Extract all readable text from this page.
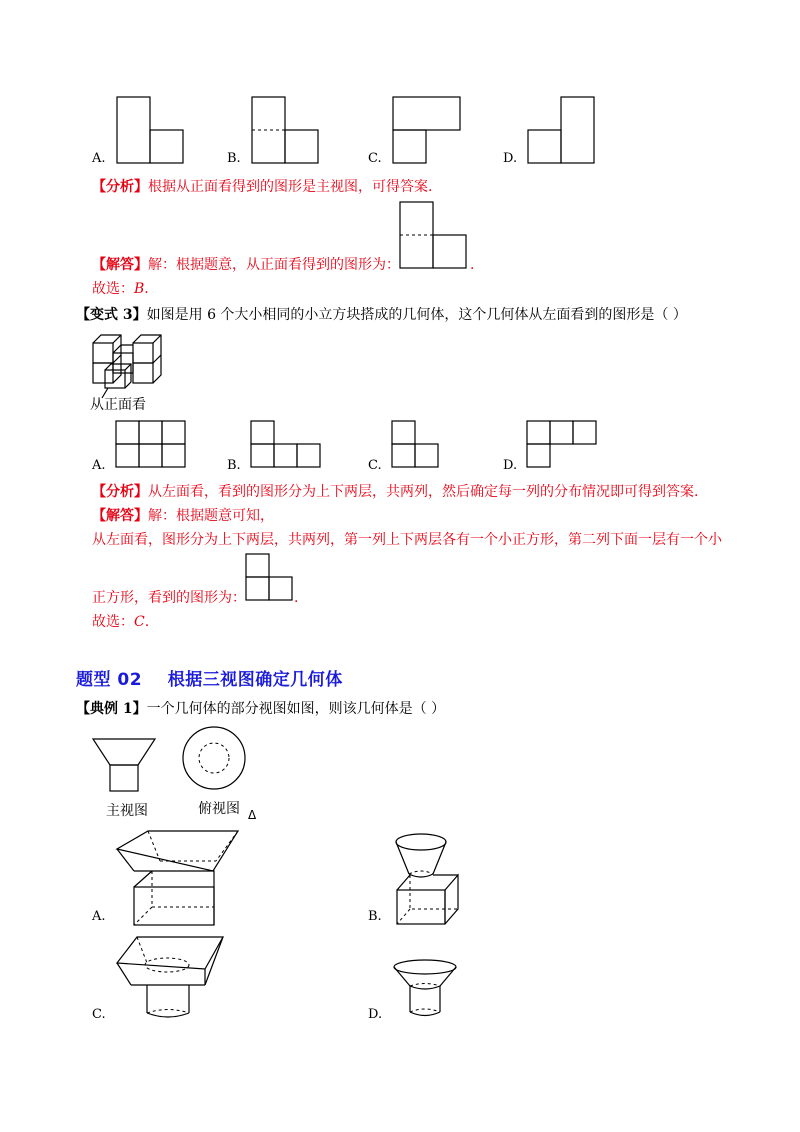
A.	B.	C.	D.
【分析】根据从正面看得到的图形是主视图，可得答案.
【解答】解：根据题意，从正面看得到的图形为：	.
故选：B.
【变式 3】如图是用 6 个大小相同的小立方块搭成的几何体，这个几何体从左面看到的图形是（ ）
从正面看
A.	B.	C.	D.
【分析】从左面看，看到的图形分为上下两层，共两列，然后确定每一列的分布情况即可得到答案.
【解答】解：根据题意可知，
从左面看，图形分为上下两层，共两列，第一列上下两层各有一个小正方形，第二列下面一层有一个小
正方形，看到的图形为：	.
故选：C.
题型 02    根据三视图确定几何体
【典例 1】一个几何体的部分视图如图，则该几何体是（ ）
主视图	俯视图 Δ
A.	B.
C.	D.
